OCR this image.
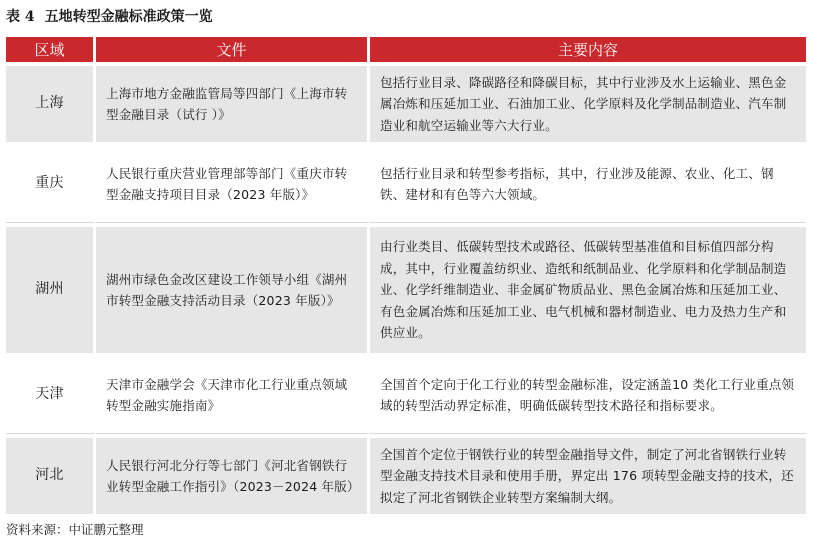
表 4 五地转型金融标准政策一览
区域	文件	主要内容
上海	上海市地方金融监管局等四部门《上海市转型金融目录（试行 ）》	包括行业目录、降碳路径和降碳目标，其中行业涉及水上运输业、黑色金属冶炼和压延加工业、石油加工业、化学原料及化学制品制造业、汽车制造业和航空运输业等六大行业。
重庆	人民银行重庆营业管理部等部门《重庆市转型金融支持项目目录（2023 年版）》	包括行业目录和转型参考指标，其中，行业涉及能源、农业、化工、钢铁、建材和有色等六大领域。
湖州	湖州市绿色金改区建设工作领导小组《湖州市转型金融支持活动目录（2023 年版）》	由行业类目、低碳转型技术或路径、低碳转型基准值和目标值四部分构成，其中，行业覆盖纺织业、造纸和纸制品业、化学原料和化学制品制造业、化学纤维制造业、非金属矿物质品业、黑色金属冶炼和压延加工业、有色金属冶炼和压延加工业、电气机械和器材制造业、电力及热力生产和供应业。
天津	天津市金融学会《天津市化工行业重点领域转型金融实施指南》	全国首个定向于化工行业的转型金融标准，设定涵盖10 类化工行业重点领域的转型活动界定标准，明确低碳转型技术路径和指标要求。
河北	人民银行河北分行等七部门《河北省钢铁行业转型金融工作指引》（2023－2024 年版）	全国首个定位于钢铁行业的转型金融指导文件，制定了河北省钢铁行业转型金融支持技术目录和使用手册，界定出 176 项转型金融支持的技术，还拟定了河北省钢铁企业转型方案编制大纲。
资料来源：中证鹏元整理
